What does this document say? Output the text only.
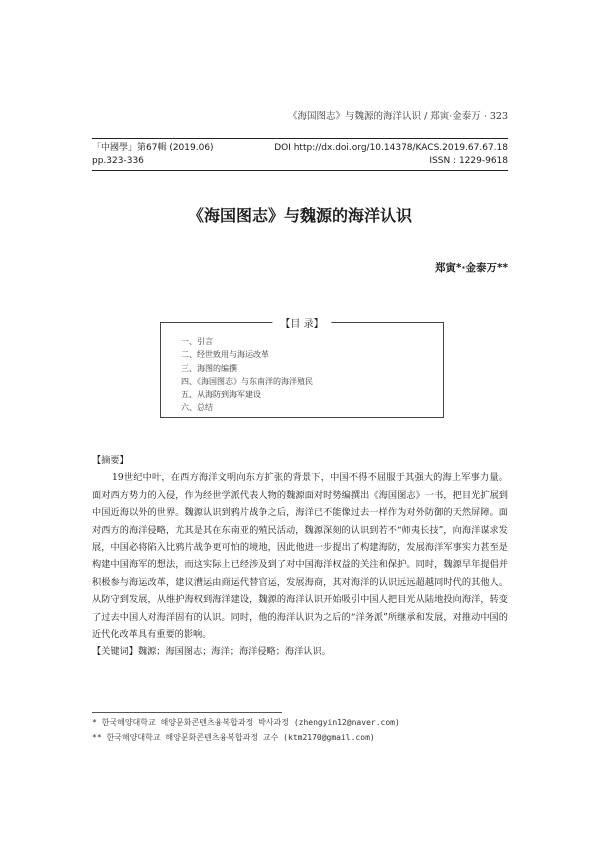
《海国图志》与魏源的海洋认识 / 郑寅·金泰万 · 323
「中國學」第67輯 (2019.06)	DOI http://dx.doi.org/10.14378/KACS.2019.67.67.18
pp.323-336	ISSN : 1229-9618
《海国图志》与魏源的海洋认识
郑寅*·金泰万**
【目 录】
一、引言
二、经世致用与海运改革
三、海图的编撰
四、《海国图志》与东南洋的海洋殖民
五、从海防到海军建设
六、总结

【摘要】

19世纪中叶，在西方海洋文明向东方扩张的背景下，中国不得不屈服于其强大的海上军事力量。面对西方势力的入侵，作为经世学派代表人物的魏源面对时势编撰出《海国图志》一书，把目光扩展到中国近海以外的世界。魏源认识到鸦片战争之后，海洋已不能像过去一样作为对外防御的天然屏障。面对西方的海洋侵略，尤其是其在东南亚的殖民活动，魏源深刻的认识到若不“师夷长技”，向海洋谋求发展，中国必将陷入比鸦片战争更可怕的境地，因此他进一步提出了构建海防，发展海洋军事实力甚至是构建中国海军的想法，而这实际上已经涉及到了对中国海洋权益的关注和保护。同时，魏源早年提倡并积极参与海运改革，建议漕运由商运代替官运，发展海商，其对海洋的认识远远超越同时代的其他人。从防守到发展，从维护海权到海洋建设，魏源的海洋认识开始吸引中国人把目光从陆地投向海洋，转变了过去中国人对海洋固有的认识。同时，他的海洋认识为之后的“洋务派”所继承和发展，对推动中国的近代化改革具有重要的影响。

【关键词】魏源；海国图志；海洋；海洋侵略；海洋认识。

* 한국해양대학교 해양문화콘텐츠융복합과정 박사과정 (zhengyin12@naver.com)

** 한국해양대학교 해양문화콘텐츠융복합과정 교수 (ktm2170@gmail.com)
